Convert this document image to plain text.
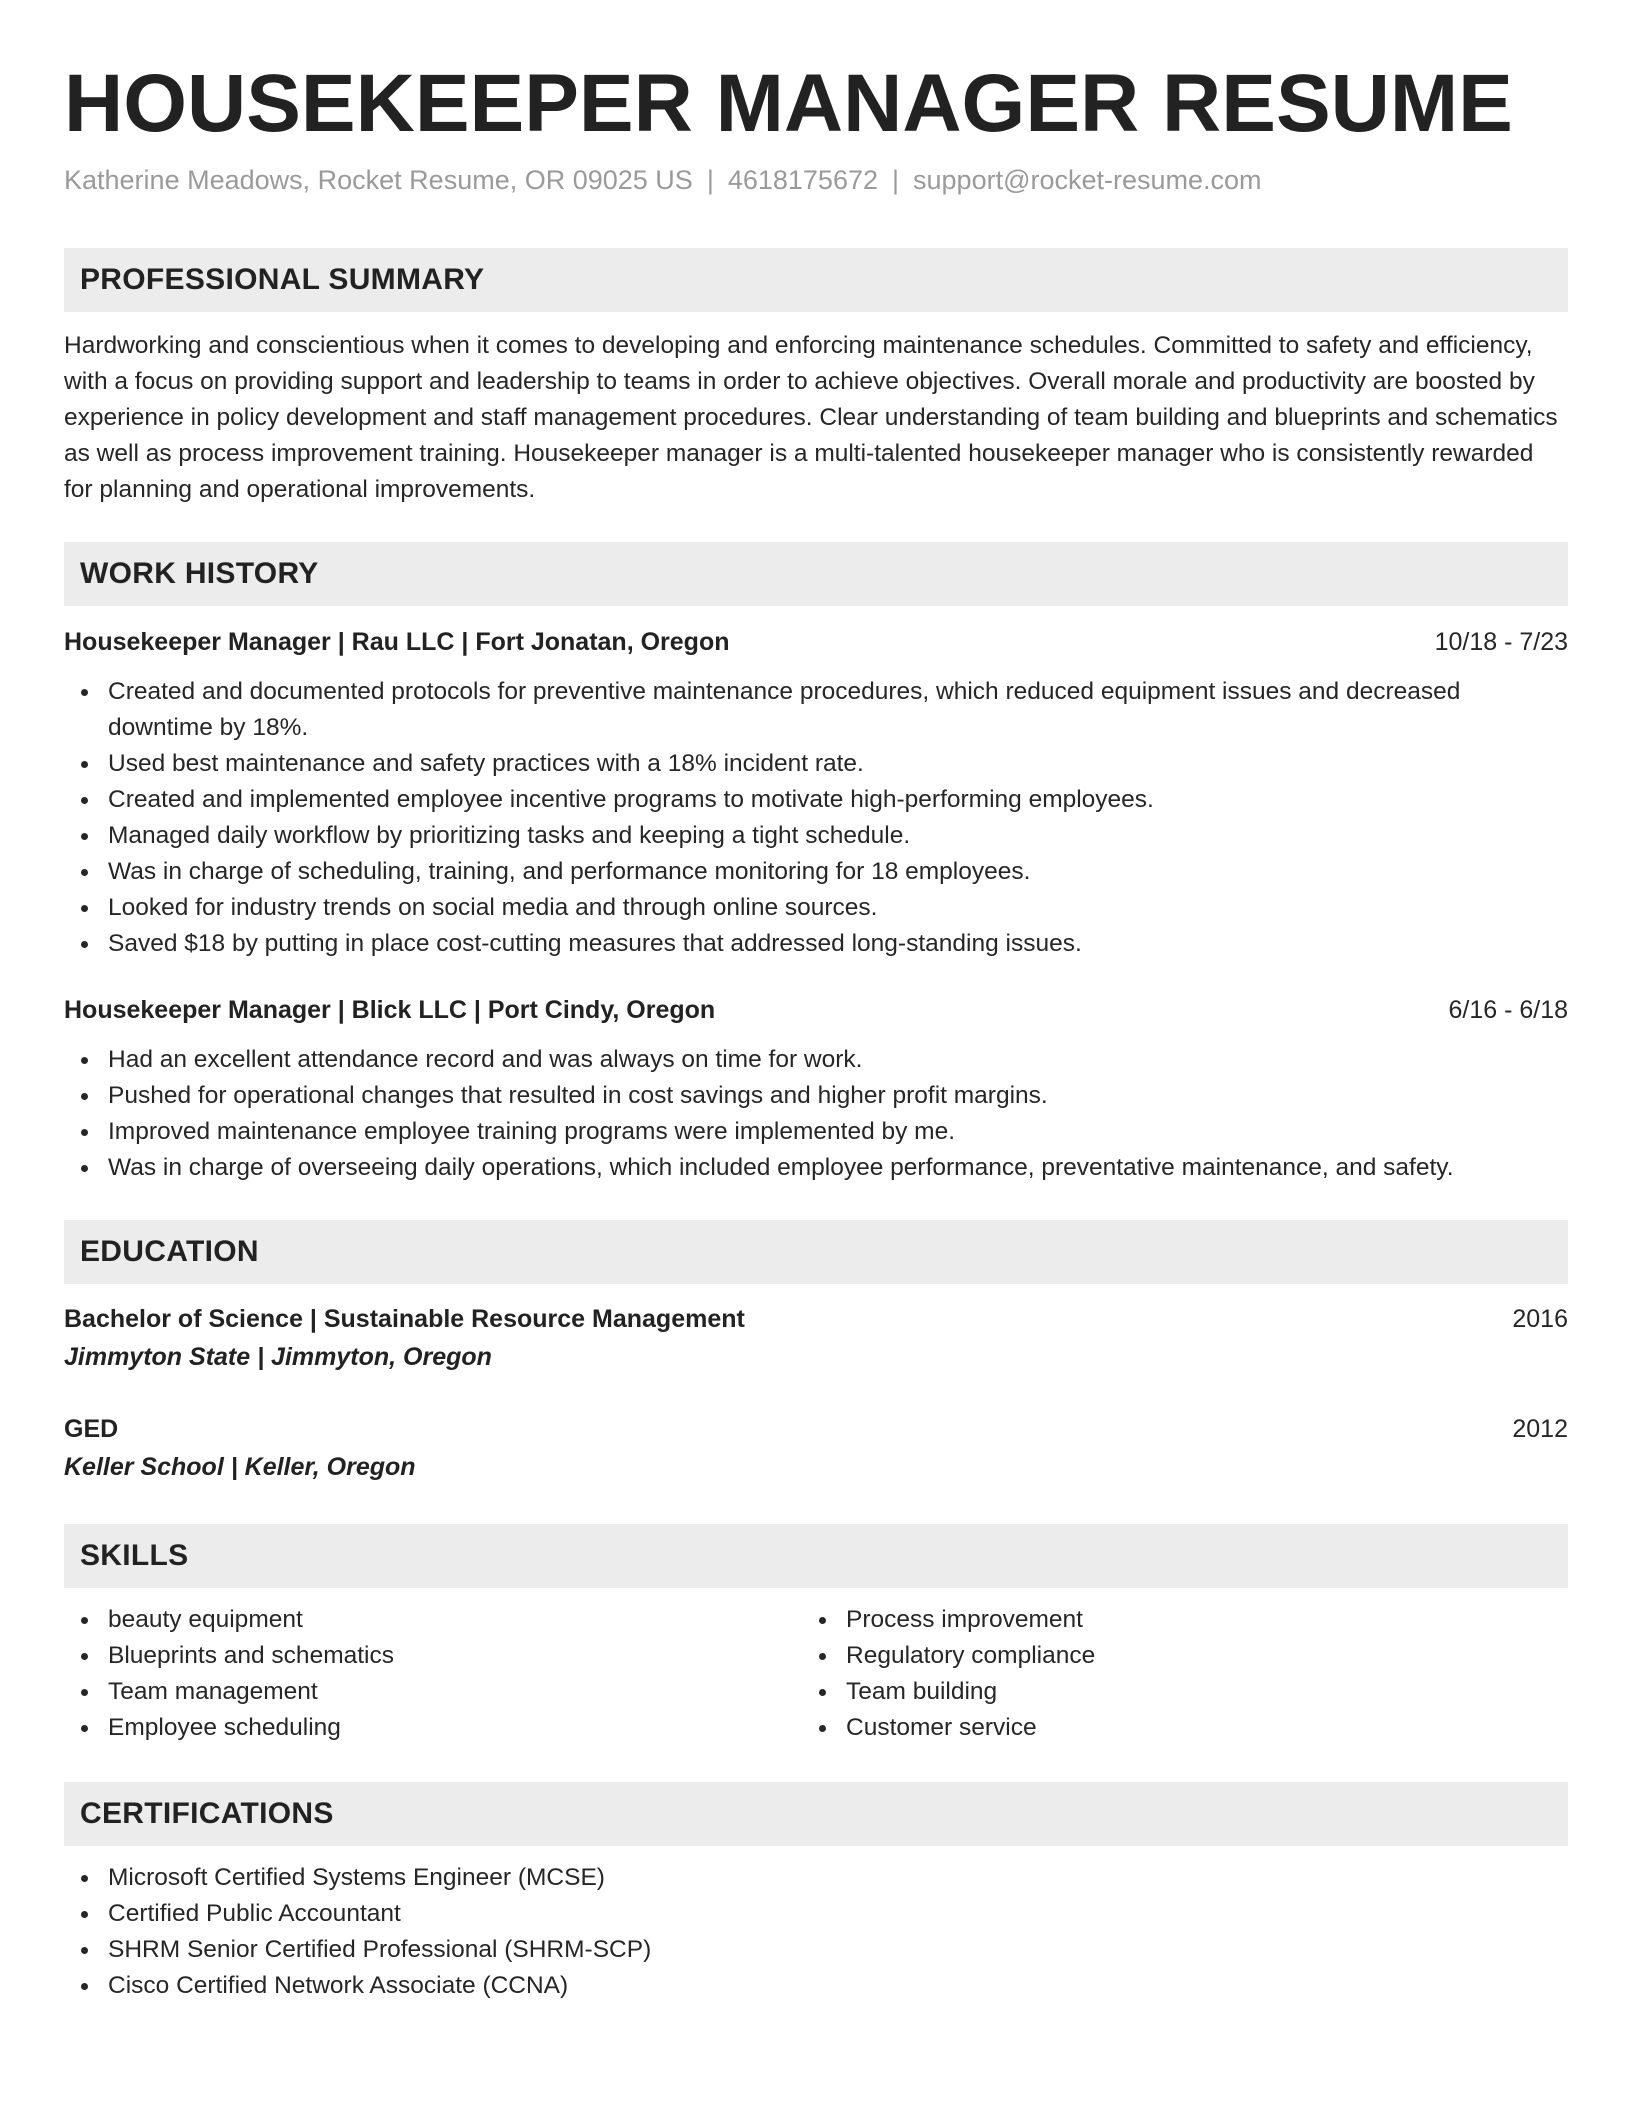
HOUSEKEEPER MANAGER RESUME
Katherine Meadows, Rocket Resume, OR 09025 US | 4618175672 | support@rocket-resume.com
PROFESSIONAL SUMMARY
Hardworking and conscientious when it comes to developing and enforcing maintenance schedules. Committed to safety and efficiency, with a focus on providing support and leadership to teams in order to achieve objectives. Overall morale and productivity are boosted by experience in policy development and staff management procedures. Clear understanding of team building and blueprints and schematics as well as process improvement training. Housekeeper manager is a multi-talented housekeeper manager who is consistently rewarded for planning and operational improvements.
WORK HISTORY
Housekeeper Manager | Rau LLC | Fort Jonatan, Oregon	10/18 - 7/23
Created and documented protocols for preventive maintenance procedures, which reduced equipment issues and decreased downtime by 18%.
Used best maintenance and safety practices with a 18% incident rate.
Created and implemented employee incentive programs to motivate high-performing employees.
Managed daily workflow by prioritizing tasks and keeping a tight schedule.
Was in charge of scheduling, training, and performance monitoring for 18 employees.
Looked for industry trends on social media and through online sources.
Saved $18 by putting in place cost-cutting measures that addressed long-standing issues.
Housekeeper Manager | Blick LLC | Port Cindy, Oregon	6/16 - 6/18
Had an excellent attendance record and was always on time for work.
Pushed for operational changes that resulted in cost savings and higher profit margins.
Improved maintenance employee training programs were implemented by me.
Was in charge of overseeing daily operations, which included employee performance, preventative maintenance, and safety.
EDUCATION
Bachelor of Science | Sustainable Resource Management	2016
Jimmyton State | Jimmyton, Oregon
GED	2012
Keller School | Keller, Oregon
SKILLS
beauty equipment
Blueprints and schematics
Team management
Employee scheduling
Process improvement
Regulatory compliance
Team building
Customer service
CERTIFICATIONS
Microsoft Certified Systems Engineer (MCSE)
Certified Public Accountant
SHRM Senior Certified Professional (SHRM-SCP)
Cisco Certified Network Associate (CCNA)
